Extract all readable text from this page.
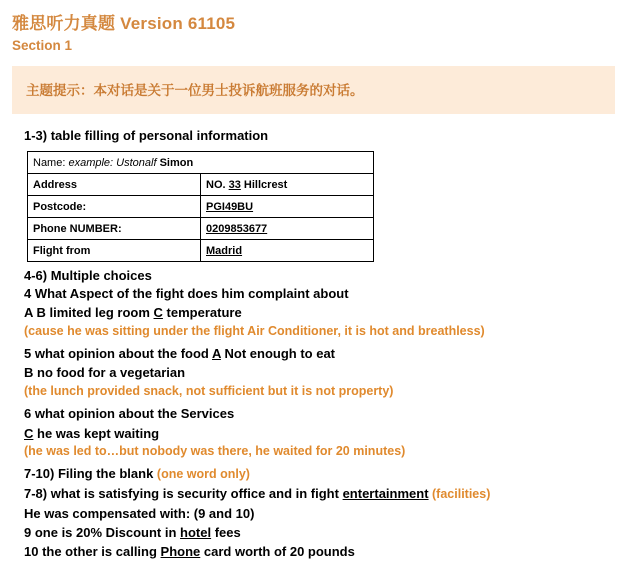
雅思听力真题 Version 61105
Section 1
主题提示：本对话是关于一位男士投诉航班服务的对话。
1-3) table filling of personal information
Name: example: Ustonalf Simon	
Address	NO. 33 Hillcrest
Postcode:	PGI49BU
Phone NUMBER:	0209853677
Flight from	Madrid
4-6) Multiple choices
4 What Aspect of the fight does him complaint about
A B limited leg room C temperature
(cause he was sitting under the flight Air Conditioner, it is hot and breathless)
5 what opinion about the food A Not enough to eat
B no food for a vegetarian
(the lunch provided snack, not sufficient but it is not property)
6 what opinion about the Services
C he was kept waiting
(he was led to…but nobody was there, he waited for 20 minutes)
7-10) Filing the blank (one word only)
7-8) what is satisfying is security office and in fight entertainment (facilities)
He was compensated with: (9 and 10)
9 one is 20% Discount in hotel fees
10 the other is calling Phone card worth of 20 pounds
